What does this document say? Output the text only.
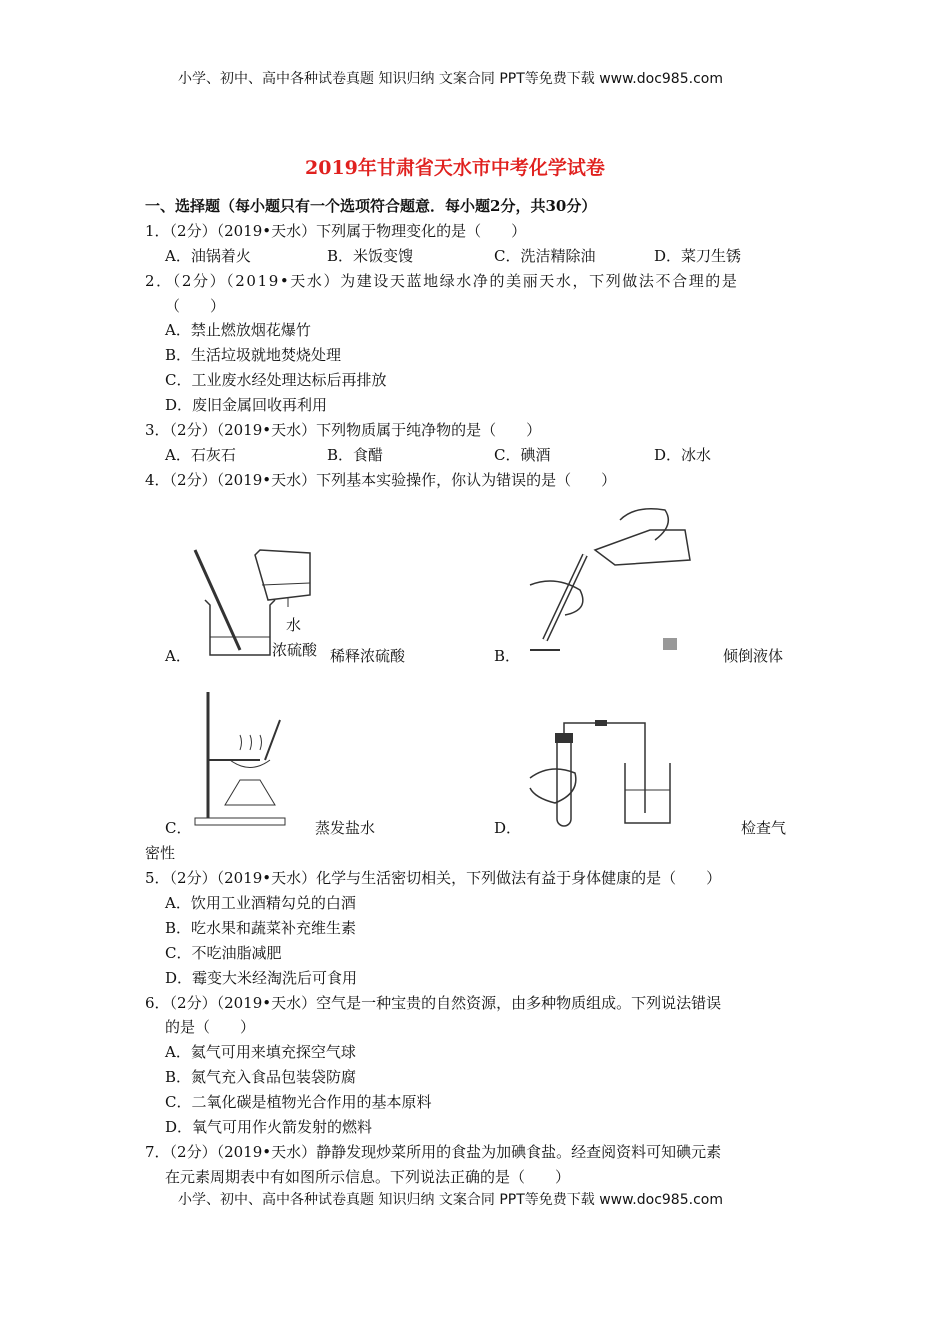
小学、初中、高中各种试卷真题 知识归纳 文案合同 PPT等免费下载 www.doc985.com
2019年甘肃省天水市中考化学试卷
一、选择题（每小题只有一个选项符合题意．每小题2分，共30分）
1．（2分）（2019•天水）下列属于物理变化的是（　　）
A．油锅着火	B．米饭变馊	C．洗洁精除油	D．菜刀生锈
2．（2分）（2019•天水）为建设天蓝地绿水净的美丽天水，下列做法不合理的是
（　　）
A．禁止燃放烟花爆竹
B．生活垃圾就地焚烧处理
C．工业废水经处理达标后再排放
D．废旧金属回收再利用
3．（2分）（2019•天水）下列物质属于纯净物的是（　　）
A．石灰石	B．食醋	C．碘酒	D．冰水
4．（2分）（2019•天水）下列基本实验操作，你认为错误的是（　　）
水
浓硫酸
A．	稀释浓硫酸	B．	倾倒液体
C．	蒸发盐水	D．	检查气
密性
5．（2分）（2019•天水）化学与生活密切相关，下列做法有益于身体健康的是（　　）
A．饮用工业酒精勾兑的白酒
B．吃水果和蔬菜补充维生素
C．不吃油脂减肥
D．霉变大米经淘洗后可食用
6．（2分）（2019•天水）空气是一种宝贵的自然资源，由多种物质组成。下列说法错误
的是（　　）
A．氦气可用来填充探空气球
B．氮气充入食品包装袋防腐
C．二氧化碳是植物光合作用的基本原料
D．氧气可用作火箭发射的燃料
7．（2分）（2019•天水）静静发现炒菜所用的食盐为加碘食盐。经查阅资料可知碘元素
在元素周期表中有如图所示信息。下列说法正确的是（　　）
小学、初中、高中各种试卷真题 知识归纳 文案合同 PPT等免费下载 www.doc985.com
